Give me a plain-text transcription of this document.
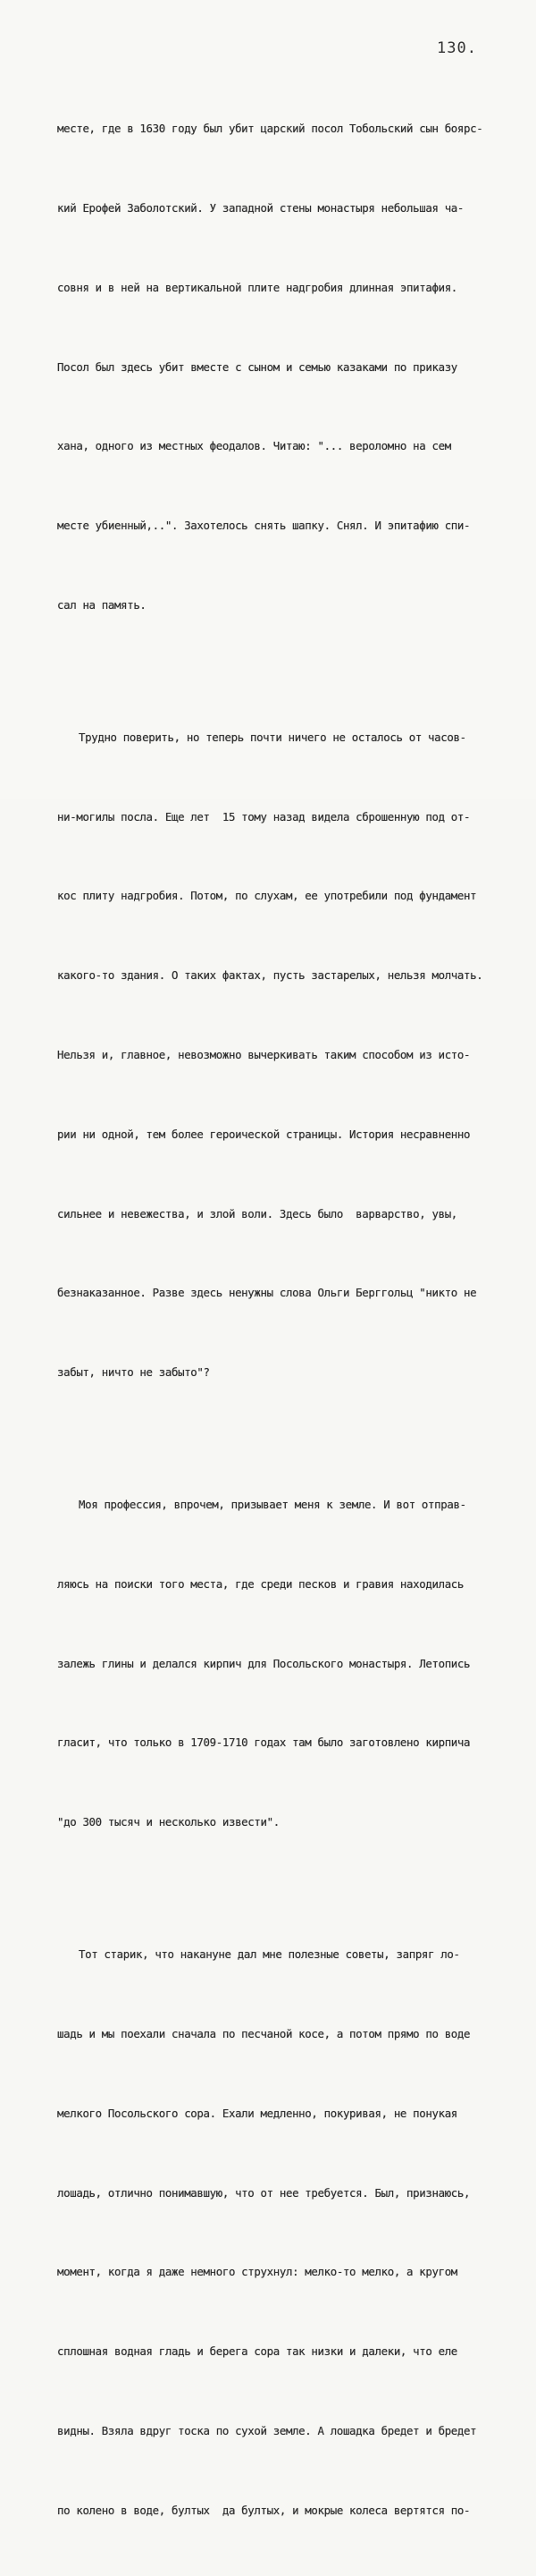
130.

месте, где в 1630 году был убит царский посол Тобольский сын боярс-

кий Ерофей Заболотский. У западной стены монастыря небольшая ча-

совня и в ней на вертикальной плите надгробия длинная эпитафия.

Посол был здесь убит вместе с сыном и семью казаками по приказу

хана, одного из местных феодалов. Читаю: "... вероломно на сем

месте убиенный,..". Захотелось снять шапку. Снял. И эпитафию спи-

сал на память.

Трудно поверить, но теперь почти ничего не осталось от часов-

ни-могилы посла. Еще лет  15 тому назад видела сброшенную под от-

кос плиту надгробия. Потом, по слухам, ее употребили под фундамент

какого-то здания. О таких фактах, пусть застарелых, нельзя молчать.

Нельзя и, главное, невозможно вычеркивать таким способом из исто-

рии ни одной, тем более героической страницы. История несравненно

сильнее и невежества, и злой воли. Здесь было  варварство, увы,

безнаказанное. Разве здесь ненужны слова Ольги Берггольц "никто не

забыт, ничто не забыто"?

Моя профессия, впрочем, призывает меня к земле. И вот отправ-

ляюсь на поиски того места, где среди песков и гравия находилась

залежь глины и делался кирпич для Посольского монастыря. Летопись

гласит, что только в 1709-1710 годах там было заготовлено кирпича

"до 300 тысяч и несколько извести".

Тот старик, что накануне дал мне полезные советы, запряг ло-

шадь и мы поехали сначала по песчаной косе, а потом прямо по воде

мелкого Посольского сора. Ехали медленно, покуривая, не понукая

лошадь, отлично понимавшую, что от нее требуется. Был, признаюсь,

момент, когда я даже немного струхнул: мелко-то мелко, а кругом

сплошная водная гладь и берега сора так низки и далеки, что еле

видны. Взяла вдруг тоска по сухой земле. А лошадка бредет и бредет

по колено в воде, бултых  да бултых, и мокрые колеса вертятся по-
